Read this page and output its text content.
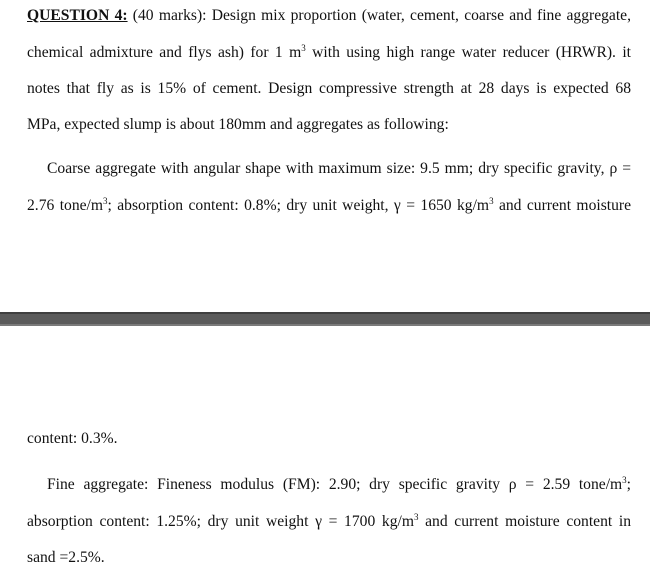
QUESTION 4: (40 marks): Design mix proportion (water, cement, coarse and fine aggregate,
chemical admixture and flys ash) for 1 $m^3$ with using high range water reducer (HRWR). it
notes that fly as is 15% of cement. Design compressive strength at 28 days is expected 68
MPa, expected slump is about 180mm and aggregates as following:
Coarse aggregate with angular shape with maximum size: 9.5 mm; dry specific gravity, ρ =
2.76 tone/$m^3$; absorption content: 0.8%; dry unit weight, γ = 1650 $kg/m^3$ and current moisture
content: 0.3%.
Fine aggregate: Fineness modulus (FM): 2.90; dry specific gravity ρ = 2.59 tone/$m^3$;
absorption content: 1.25%; dry unit weight γ = 1700 $kg/m^3$ and current moisture content in
sand =2.5%.
